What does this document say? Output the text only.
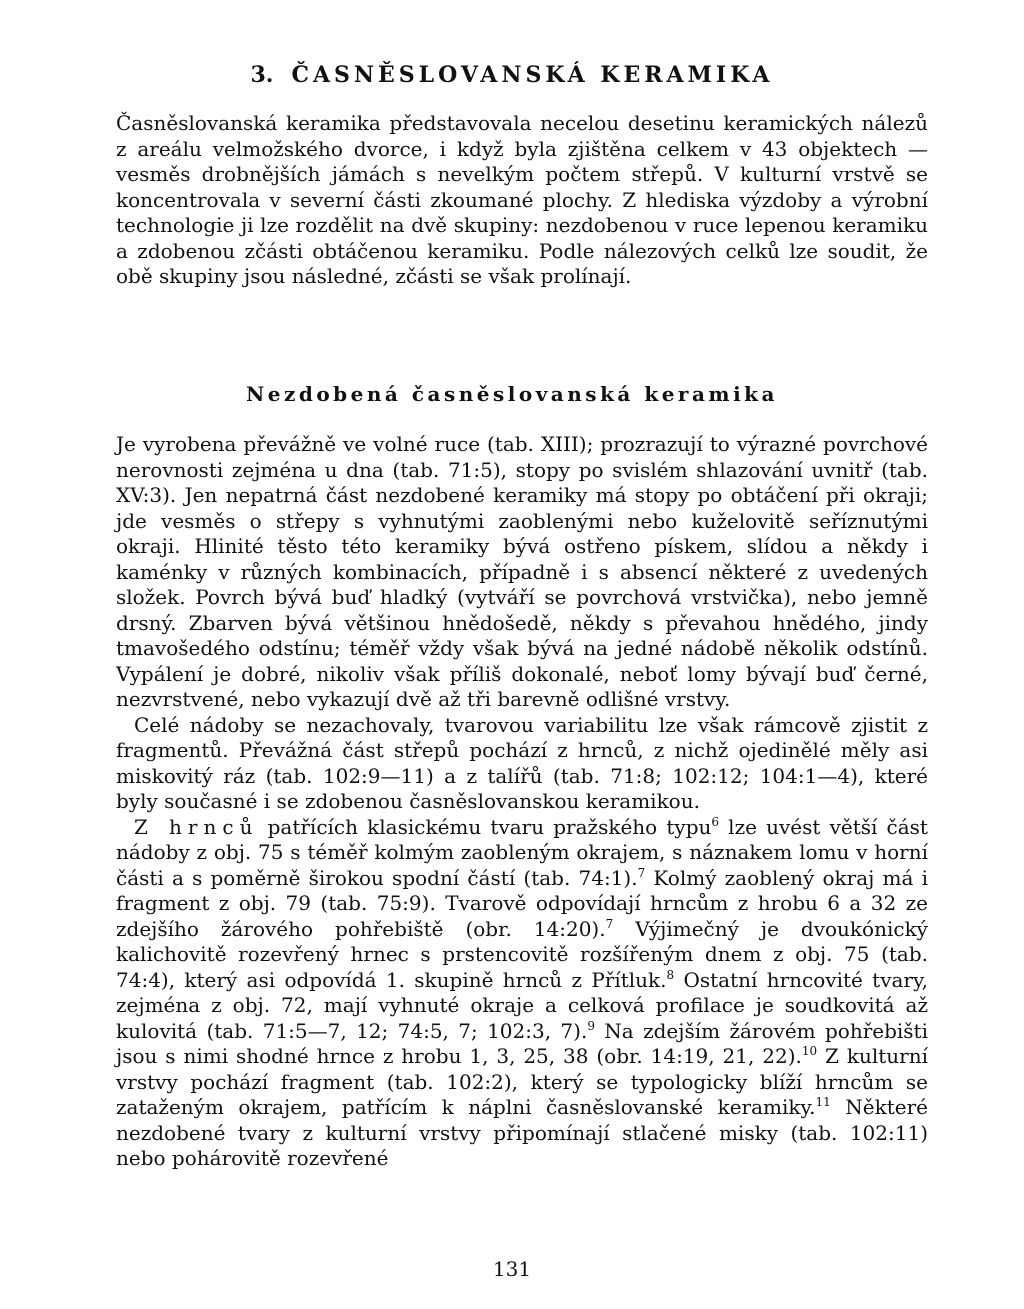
3. ČASNĚSLOVANSKÁ KERAMIKA

Časněslovanská keramika představovala necelou desetinu keramických nálezů z areálu velmožského dvorce, i když byla zjištěna celkem v 43 objektech — vesměs drobnějších jámách s nevelkým počtem střepů. V kulturní vrstvě se koncentrovala v severní části zkoumané plochy. Z hlediska výzdoby a výrobní technologie ji lze rozdělit na dvě skupiny: nezdobenou v ruce lepenou keramiku a zdobenou zčásti obtáčenou keramiku. Podle nálezových celků lze soudit, že obě skupiny jsou následné, zčásti se však prolínají.

Nezdobená časněslovanská keramika

Je vyrobena převážně ve volné ruce (tab. XIII); prozrazují to výrazné povrchové nerovnosti zejména u dna (tab. 71:5), stopy po svislém shlazování uvnitř (tab. XV:3). Jen nepatrná část nezdobené keramiky má stopy po obtáčení při okraji; jde vesměs o střepy s vyhnutými zaoblenými nebo kuželovitě seříznutými okraji. Hlinité těsto této keramiky bývá ostřeno pískem, slídou a někdy i kaménky v různých kombinacích, případně i s absencí některé z uvedených složek. Povrch bývá buď hladký (vytváří se povrchová vrstvička), nebo jemně drsný. Zbarven bývá většinou hnědošedě, někdy s převahou hnědého, jindy tmavošedého odstínu; téměř vždy však bývá na jedné nádobě několik odstínů. Vypálení je dobré, nikoliv však příliš dokonalé, neboť lomy bývají buď černé, nezvrstvené, nebo vykazují dvě až tři barevně odlišné vrstvy.

Celé nádoby se nezachovaly, tvarovou variabilitu lze však rámcově zjistit z fragmentů. Převážná část střepů pochází z hrnců, z nichž ojedinělé měly asi miskovitý ráz (tab. 102:9—11) a z talířů (tab. 71:8; 102:12; 104:1—4), které byly současné i se zdobenou časněslovanskou keramikou.

Z hrnců patřících klasickému tvaru pražského typu$^6$ lze uvést větší část nádoby z obj. 75 s téměř kolmým zaobleným okrajem, s náznakem lomu v horní části a s poměrně širokou spodní částí (tab. 74:1).$^7$ Kolmý zaoblený okraj má i fragment z obj. 79 (tab. 75:9). Tvarově odpovídají hrncům z hrobu 6 a 32 ze zdejšího žárového pohřebiště (obr. 14:20).$^7$ Výjimečný je dvoukónický kalichovitě rozevřený hrnec s prstencovitě rozšířeným dnem z obj. 75 (tab. 74:4), který asi odpovídá 1. skupině hrnců z Přítluk.$^8$ Ostatní hrncovité tvary, zejména z obj. 72, mají vyhnuté okraje a celková profilace je soudkovitá až kulovitá (tab. 71:5—7, 12; 74:5, 7; 102:3, 7).$^9$ Na zdejším žárovém pohřebišti jsou s nimi shodné hrnce z hrobu 1, 3, 25, 38 (obr. 14:19, 21, 22).$^{10}$ Z kulturní vrstvy pochází fragment (tab. 102:2), který se typologicky blíží hrncům se zataženým okrajem, patřícím k náplni časněslovanské keramiky.$^{11}$ Některé nezdobené tvary z kulturní vrstvy připomínají stlačené misky (tab. 102:11) nebo pohárovitě rozevřené

131
